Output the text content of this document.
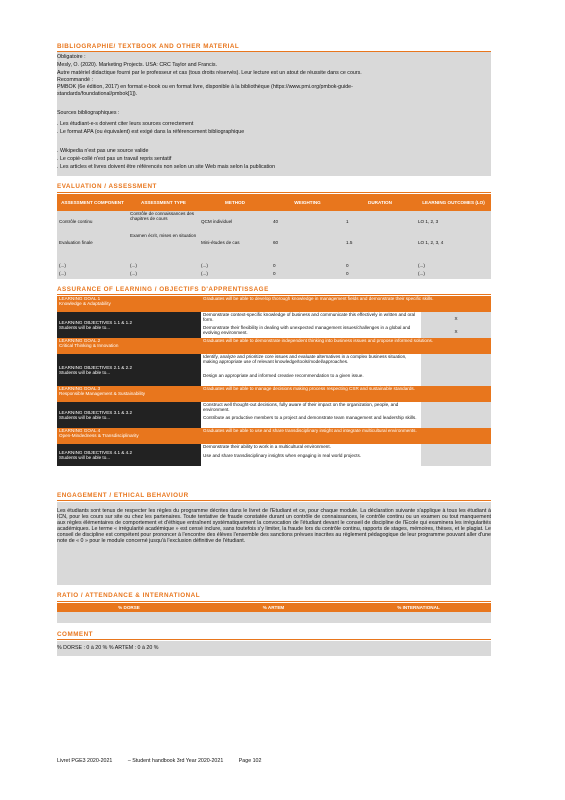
BIBLIOGRAPHIE/ TEXTBOOK AND OTHER MATERIAL
Obligatoire :
Mesly, O. (2020). Marketing Projects. USA: CRC Taylor and Francis.
Autre matériel didactique fourni par le professeur et cas (tous droits réservés). Leur lecture est un atout de réussite dans ce cours.
Recommandé :
PMBOK (6e édition, 2017) en format e-book ou en format livre, disponible à la bibliothèque (https://www.pmi.org/pmbok-guide-
standards/foundational/pmbok[1]).
Sources bibliographiques :
. Les étudiant-e-s doivent citer leurs sources correctement
. Le format APA (ou équivalent) est exigé dans la référencement bibliographique
. Wikipedia n'est pas une source valide
. Le copié-collé n'est pas un travail repris sentatif
. Les articles et livres doivent être référencés non selon un site Web mais selon la publication
EVALUATION / ASSESSMENT
ASSESSMENT COMPONENT	ASSESSMENT TYPE	METHOD	WEIGHTING	DURATION	LEARNING OUTCOMES (LO)
Contrôle continu	Contrôle de connaissances des chapitres de cours	QCM individuel	40	1	LO 1, 2, 3
Evaluation finale	Examen écrit, mises en situation	Mini-études de cas	60	1.5	LO 1, 2, 3, 4

(...)	(...)	(...)	0	0	(...)
(...)	(...)	(...)	0	0	(...)
ASSURANCE OF LEARNING / OBJECTIFS D'APPRENTISSAGE
LEARNING GOAL 1
Knowledge & Adaptability	Graduates will be able to develop thorough knowledge in management fields and demonstrate their specific skills.	

LEARNING OBJECTIVES 1.1 & 1.2
Students will be able to...	Demonstrate context-specific knowledge of business and communicate this effectively in written and oral form.	X
	Demonstrate their flexibility in dealing with unexpected management issues/challenges in a global and evolving environment.	X

LEARNING GOAL 2
Critical Thinking & Innovation	Graduates will be able to demonstrate independent thinking into business issues and propose informed solutions.	

LEARNING OBJECTIVES 2.1 & 2.2
Students will be able to...	Identify, analyze and prioritize core issues and evaluate alternatives in a complex business situation, making appropriate use of relevant knowledge/tools/model/approaches.	
	Design an appropriate and informed creative recommendation to a given issue.	

LEARNING GOAL 3
Responsible Management & Sustainability	Graduates will be able to manage decisions making process respecting CSR and sustainable standards.	

LEARNING OBJECTIVES 3.1 & 3.2
Students will be able to...	Construct well thought-out decisions, fully aware of their impact on the organization, people, and environment.	
	Contribute as productive members to a project and demonstrate team management and leadership skills.	

LEARNING GOAL 4
Open-Mindedness & Transdisciplinarity	Graduates will be able to use and share transdisciplinary insight and integrate multicultural environments.	

LEARNING OBJECTIVES 4.1 & 4.2
Students will be able to...	Demonstrate their ability to work in a multicultural environment.	
	Use and share transdisciplinary insights when engaging in real world projects.	
ENGAGEMENT / ETHICAL BEHAVIOUR
Les étudiants sont tenus de respecter les règles du programme décrites dans le livret de l'Etudiant et ce, pour chaque module. La déclaration suivante s'applique à tous les étudiant à ICN, pour les cours sur site ou chez les partenaires. Toute tentative de fraude constatée durant un contrôle de connaissances, le contrôle continu ou un examen ou tout manquement aux règles élémentaires de comportement et d'éthique entraînent systématiquement la convocation de l'étudiant devant le conseil de discipline de l'Ecole qui examinera les irrégularités académiques. Le terme « irrégularité académique » est censé inclure, sans toutefois s'y limiter, la fraude lors du contrôle continu, rapports de stages, mémoires, thèses, et le plagiat. Le conseil de discipline est compétent pour prononcer à l'encontre des élèves l'ensemble des sanctions prévues inscrites au règlement pédagogique de leur programme pouvant aller d'une note de « 0 » pour le module concerné jusqu'à l'exclusion définitive de l'étudiant.
RATIO / ATTENDANCE & INTERNATIONAL
% DORSE	% ARTEM	% INTERNATIONAL

COMMENT
% DORSE : 0 à 20 % % ARTEM : 0 à 20 %
Livret PGE3 2020-2021	– Student handbook 3rd Year 2020-2021	Page 102
